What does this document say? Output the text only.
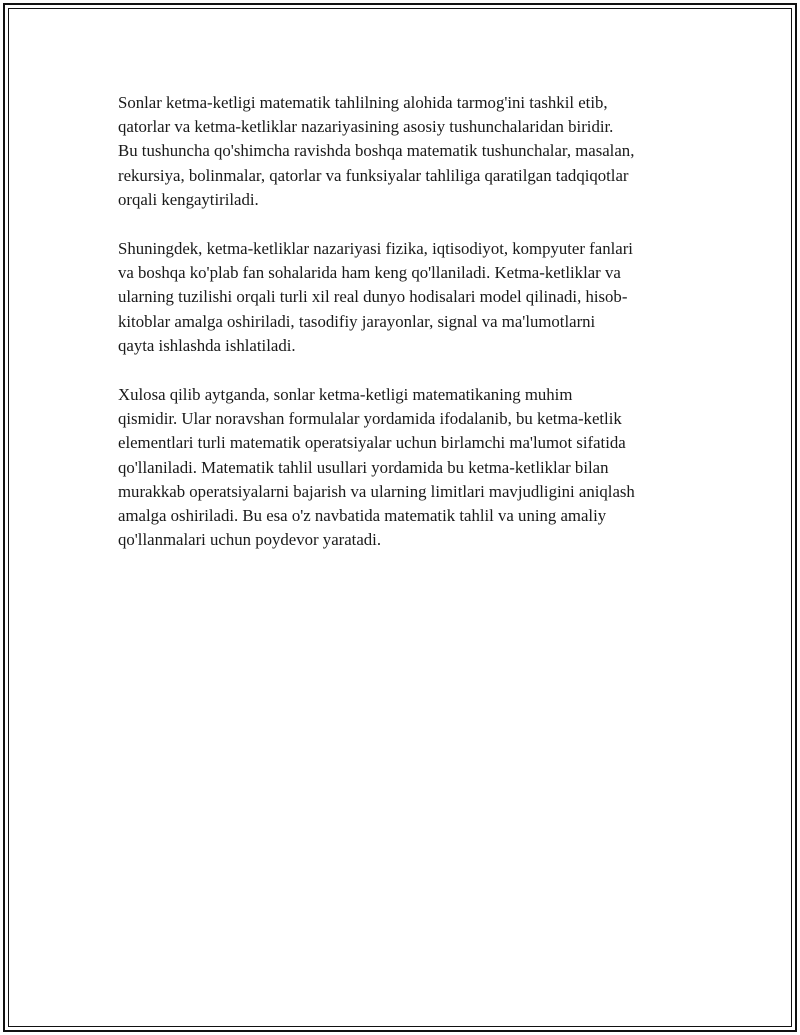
Sonlar ketma-ketligi matematik tahlilning alohida tarmog'ini tashkil etib,
qatorlar va ketma-ketliklar nazariyasining asosiy tushunchalaridan biridir.
Bu tushuncha qo'shimcha ravishda boshqa matematik tushunchalar, masalan,
rekursiya, bolinmalar, qatorlar va funksiyalar tahliliga qaratilgan tadqiqotlar
orqali kengaytiriladi.

Shuningdek, ketma-ketliklar nazariyasi fizika, iqtisodiyot, kompyuter fanlari
va boshqa ko'plab fan sohalarida ham keng qo'llaniladi. Ketma-ketliklar va
ularning tuzilishi orqali turli xil real dunyo hodisalari model qilinadi, hisob-
kitoblar amalga oshiriladi, tasodifiy jarayonlar, signal va ma'lumotlarni
qayta ishlashda ishlatiladi.

Xulosa qilib aytganda, sonlar ketma-ketligi matematikaning muhim
qismidir. Ular noravshan formulalar yordamida ifodalanib, bu ketma-ketlik
elementlari turli matematik operatsiyalar uchun birlamchi ma'lumot sifatida
qo'llaniladi. Matematik tahlil usullari yordamida bu ketma-ketliklar bilan
murakkab operatsiyalarni bajarish va ularning limitlari mavjudligini aniqlash
amalga oshiriladi. Bu esa o'z navbatida matematik tahlil va uning amaliy
qo'llanmalari uchun poydevor yaratadi.
